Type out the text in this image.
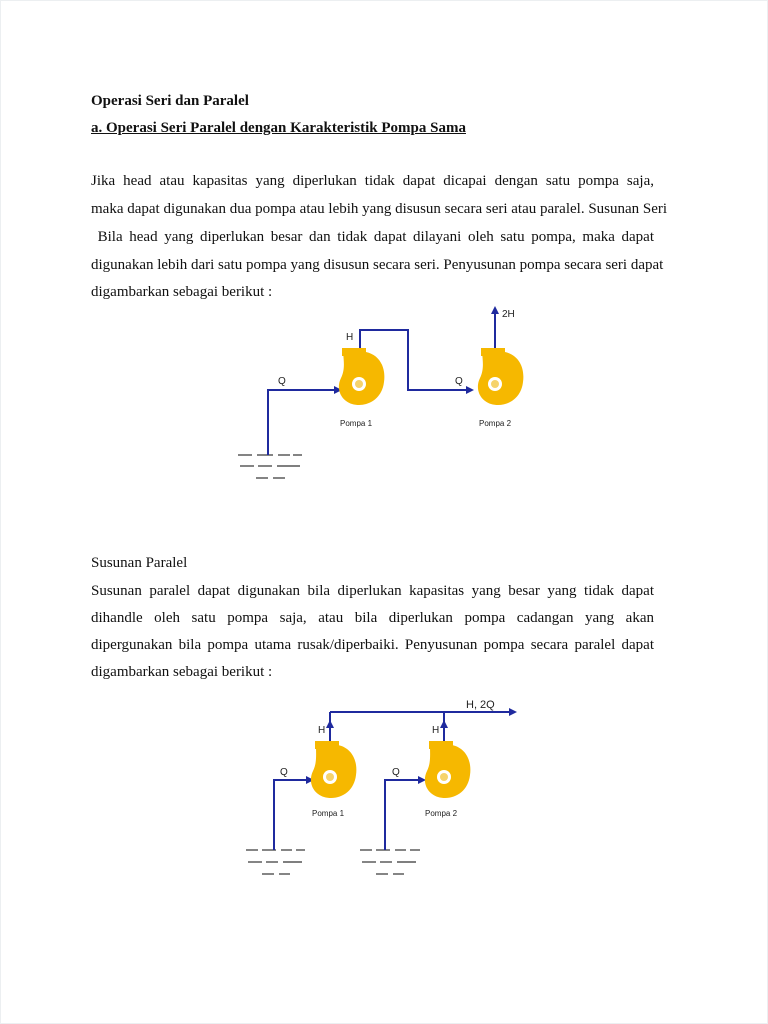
Operasi Seri dan Paralel
a. Operasi Seri Paralel dengan Karakteristik Pompa Sama
Jika head atau kapasitas yang diperlukan tidak dapat dicapai dengan satu pompa saja,
maka dapat digunakan dua pompa atau lebih yang disusun secara seri atau paralel. Susunan Seri
Bila head yang diperlukan besar dan tidak dapat dilayani oleh satu pompa, maka dapat
digunakan lebih dari satu pompa yang disusun secara seri. Penyusunan pompa secara seri dapat
digambarkan sebagai berikut :
Q
H
Q
2H
Pompa 1	Pompa 2
Susunan Paralel
Susunan paralel dapat digunakan bila diperlukan kapasitas yang besar yang tidak dapat
dihandle oleh satu pompa saja, atau bila diperlukan pompa cadangan yang akan
dipergunakan bila pompa utama rusak/diperbaiki. Penyusunan pompa secara paralel dapat
digambarkan sebagai berikut :
H, 2Q
H	H
Q	Q
Pompa 1	Pompa 2
